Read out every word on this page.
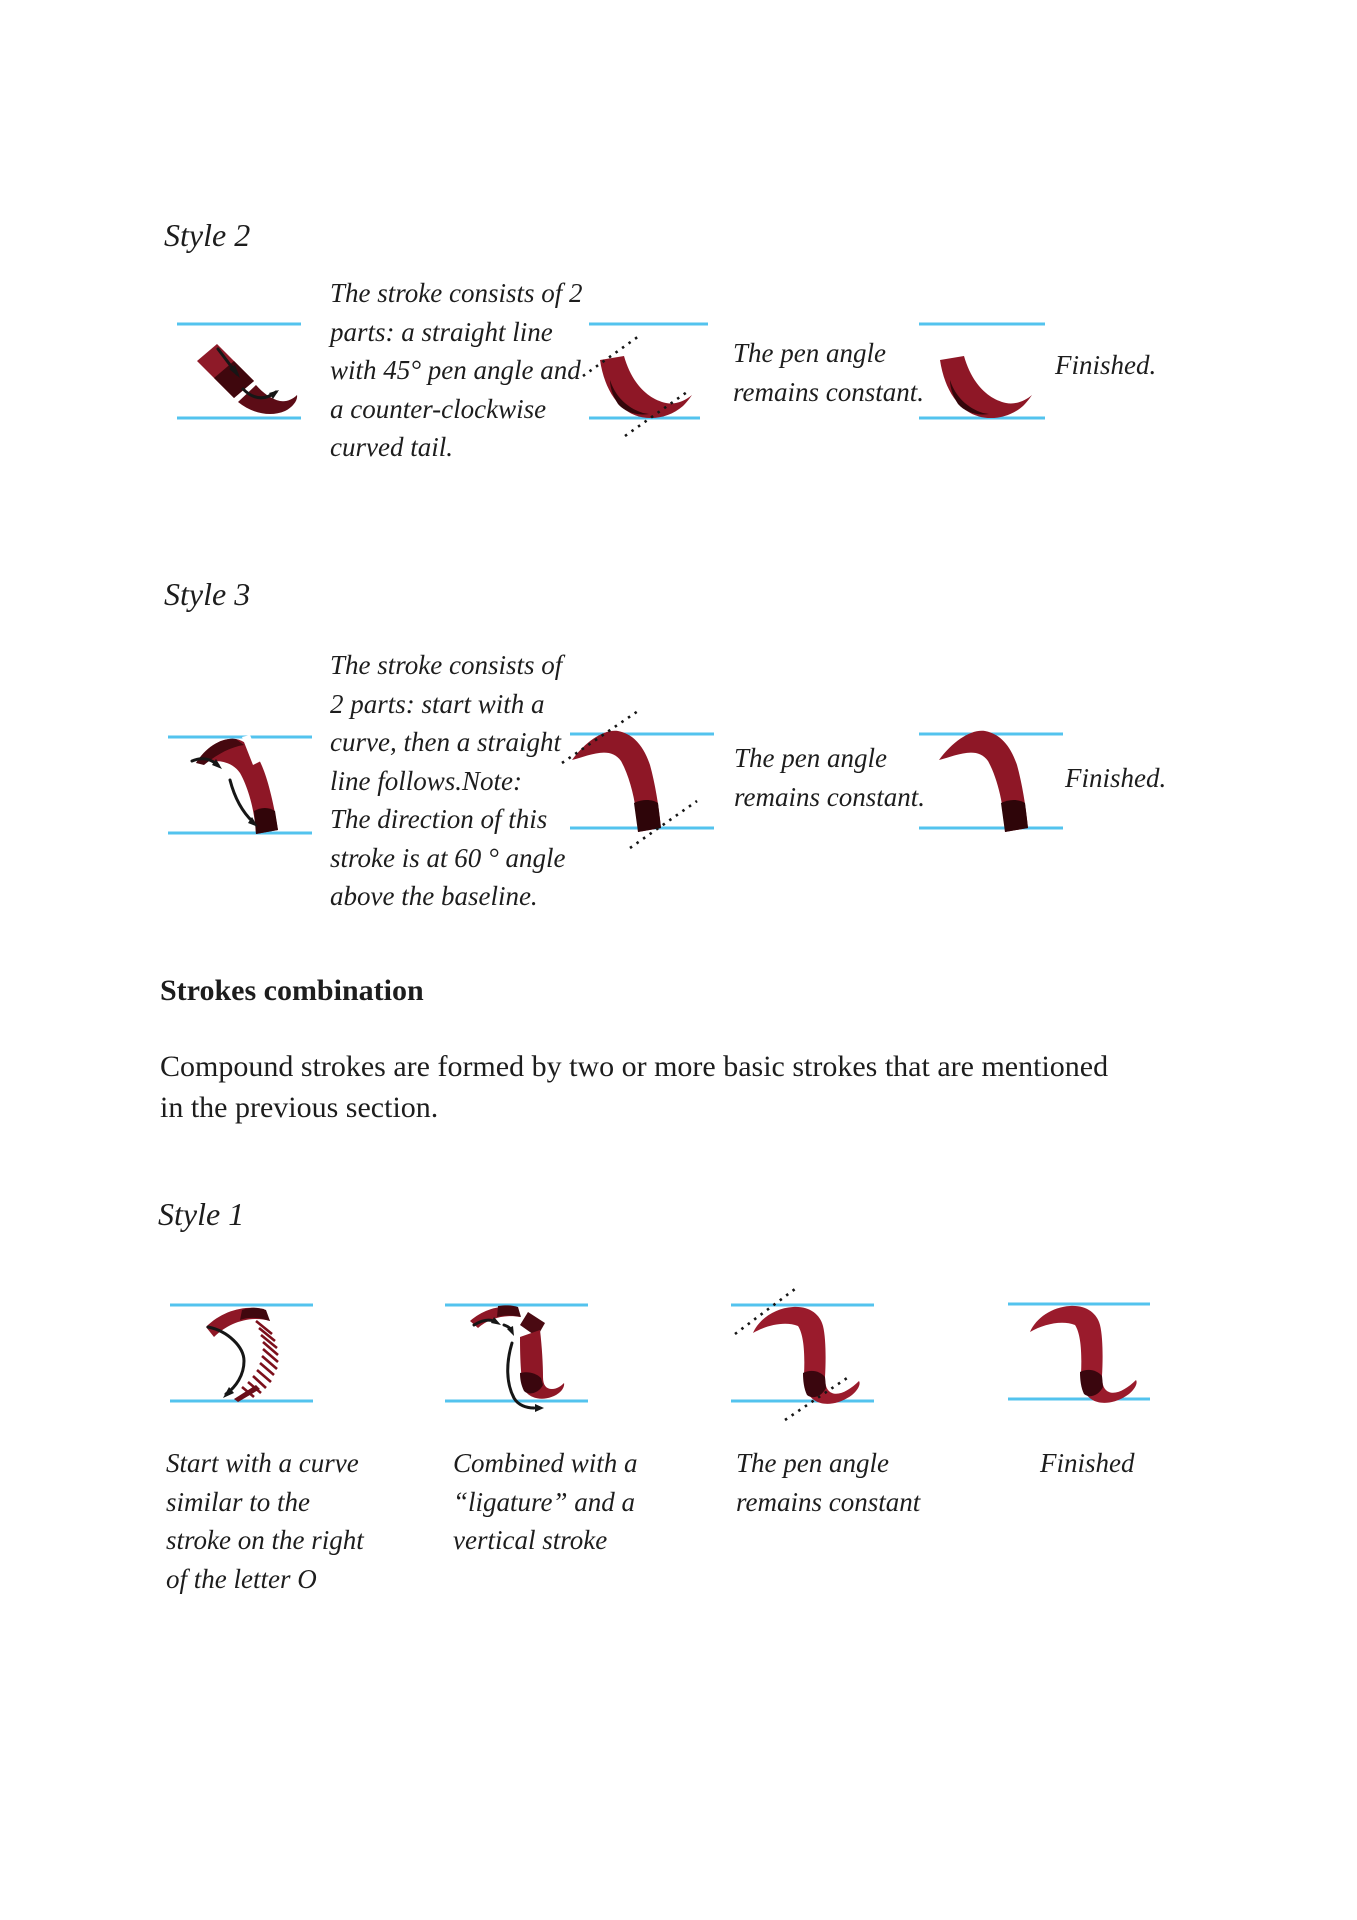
Style 2
The stroke consists of 2
parts: a straight line
with 45° pen angle and
a counter-clockwise
curved tail.
The pen angle
remains constant.
Finished.
Style 3
The stroke consists of
2 parts: start with a
curve, then a straight
line follows.Note:
The direction of this
stroke is at 60 ° angle
above the baseline.
The pen angle
remains constant.
Finished.
Strokes combination
Compound strokes are formed by two or more basic strokes that are mentioned
in the previous section.
Style 1
Start with a curve
similar to the
stroke on the right
of the letter O
Combined with a
“ligature” and a
vertical stroke
The pen angle
remains constant
Finished
